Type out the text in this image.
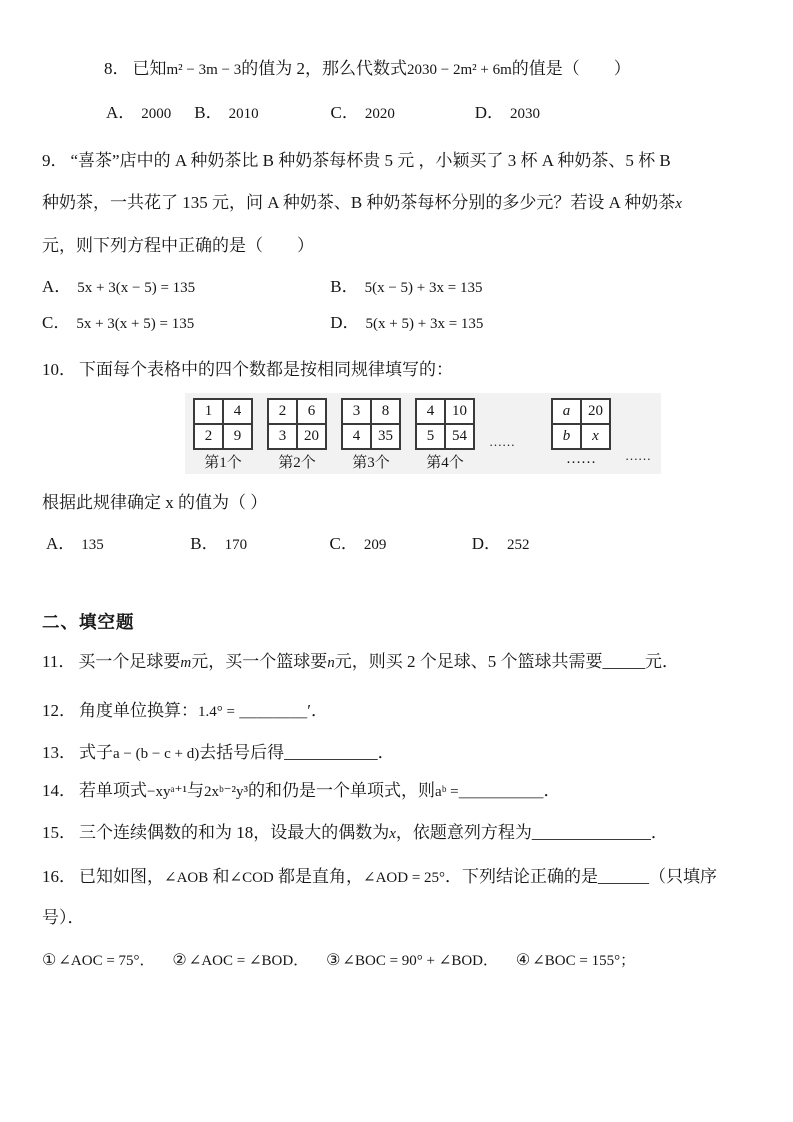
8． 已知m² − 3m − 3的值为 2，那么代数式2030 − 2m² + 6m的值是（　　）
A． 2000 B． 2010	C． 2020	D． 2030
9． “喜茶”店中的 A 种奶茶比 B 种奶茶每杯贵 5 元 ，小颖买了 3 杯 A 种奶茶、5 杯 B
种奶茶，一共花了 135 元，问 A 种奶茶、B 种奶茶每杯分别的多少元？若设 A 种奶茶x
元，则下列方程中正确的是（　　）
A． 5x + 3(x − 5) = 135	B． 5(x − 5) + 3x = 135
C． 5x + 3(x + 5) = 135	D． 5(x + 5) + 3x = 135
10． 下面每个表格中的四个数都是按相同规律填写的：
1	4
2	9
第1个
2	6
3	20
第2个
3	8
4	35
第3个
4	10
5	54
第4个
……
a	20
b	x
…… ……
根据此规律确定 x 的值为（ ）
A． 135	B． 170	C． 209	D． 252
二、填空题
11． 买一个足球要m元，买一个篮球要n元，则买 2 个足球、5 个篮球共需要_____元．
12． 角度单位换算：1.4° = ＿＿＿＿′．
13． 式子a − (b − c + d)去括号后得___________．
14． 若单项式−xyᵃ⁺¹与2xᵇ⁻²y³的和仍是一个单项式，则aᵇ =＿＿＿＿＿．
15． 三个连续偶数的和为 18，设最大的偶数为x，依题意列方程为______________．
16． 已知如图，∠AOB 和∠COD 都是直角，∠AOD = 25°．下列结论正确的是______（只填序
号）．
① ∠AOC = 75°． ② ∠AOC = ∠BOD． ③ ∠BOC = 90° + ∠BOD． ④ ∠BOC = 155°；
